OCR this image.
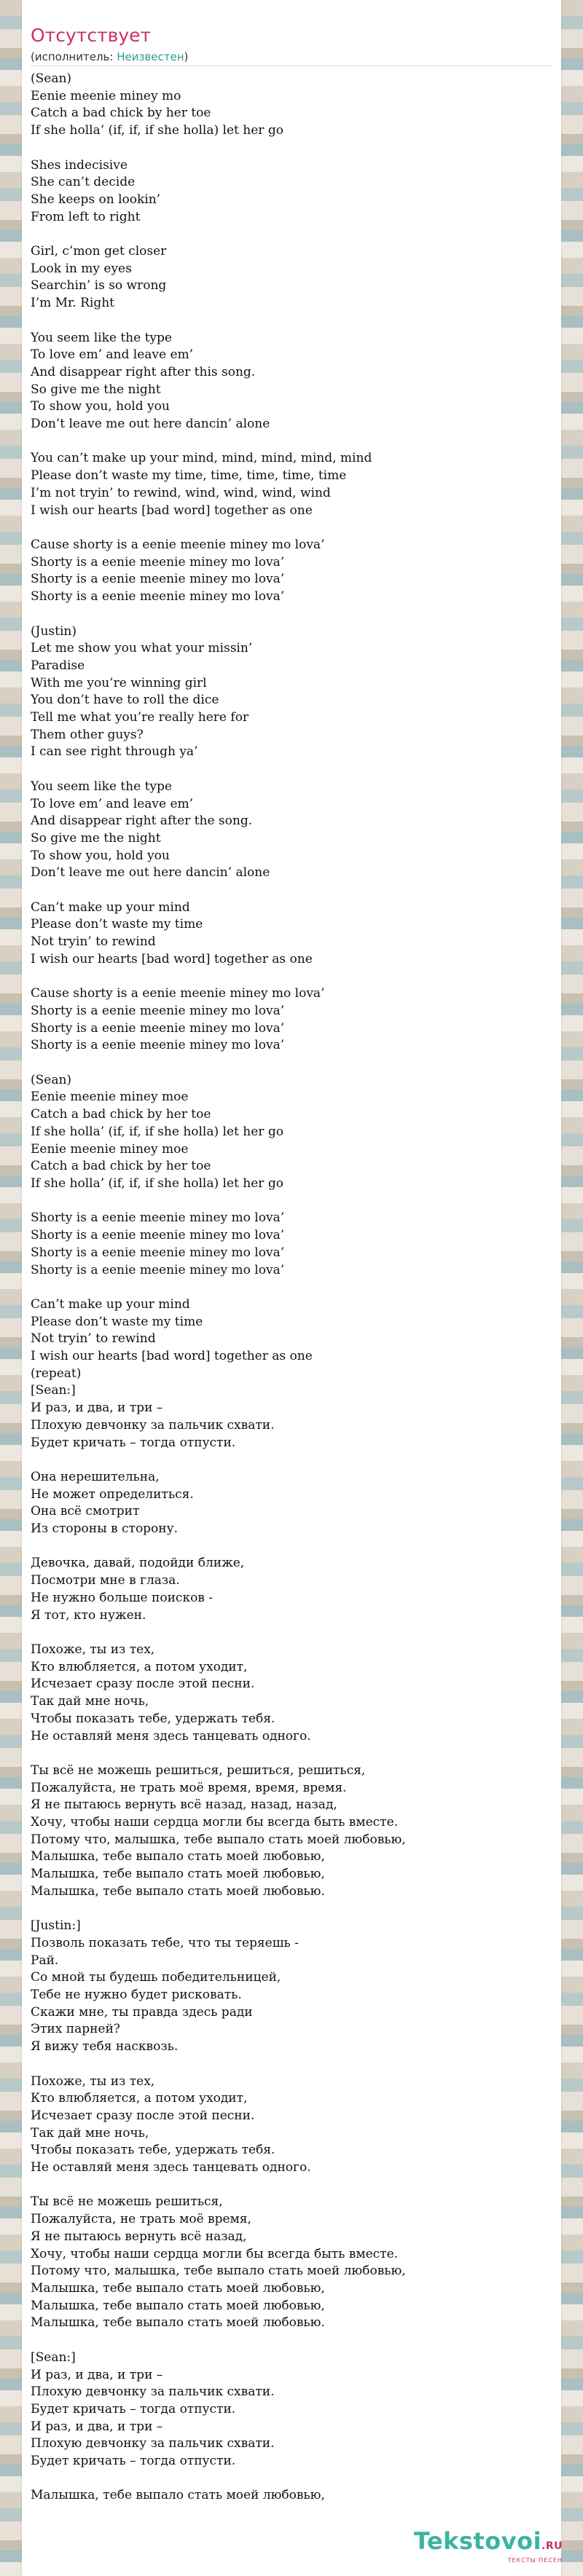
Отсутствует
(исполнитель: Неизвестен)
(Sean)
Eenie meenie miney mo
Catch a bad chick by her toe
If she holla’ (if, if, if she holla) let her go

Shes indecisive
She can’t decide
She keeps on lookin’
From left to right

Girl, c’mon get closer
Look in my eyes
Searchin’ is so wrong
I’m Mr. Right

You seem like the type
To love em’ and leave em’
And disappear right after this song.
So give me the night
To show you, hold you
Don’t leave me out here dancin’ alone

You can’t make up your mind, mind, mind, mind, mind
Please don’t waste my time, time, time, time, time
I’m not tryin’ to rewind, wind, wind, wind, wind
I wish our hearts [bad word] together as one

Cause shorty is a eenie meenie miney mo lova’
Shorty is a eenie meenie miney mo lova’
Shorty is a eenie meenie miney mo lova’
Shorty is a eenie meenie miney mo lova’

(Justin)
Let me show you what your missin’
Paradise
With me you’re winning girl
You don’t have to roll the dice
Tell me what you’re really here for
Them other guys?
I can see right through ya’

You seem like the type
To love em’ and leave em’
And disappear right after the song.
So give me the night
To show you, hold you
Don’t leave me out here dancin’ alone

Can’t make up your mind
Please don’t waste my time
Not tryin’ to rewind
I wish our hearts [bad word] together as one

Cause shorty is a eenie meenie miney mo lova’
Shorty is a eenie meenie miney mo lova’
Shorty is a eenie meenie miney mo lova’
Shorty is a eenie meenie miney mo lova’

(Sean)
Eenie meenie miney moe
Catch a bad chick by her toe
If she holla’ (if, if, if she holla) let her go
Eenie meenie miney moe
Catch a bad chick by her toe
If she holla’ (if, if, if she holla) let her go

Shorty is a eenie meenie miney mo lova’
Shorty is a eenie meenie miney mo lova’
Shorty is a eenie meenie miney mo lova’
Shorty is a eenie meenie miney mo lova’

Can’t make up your mind
Please don’t waste my time
Not tryin’ to rewind
I wish our hearts [bad word] together as one
(repeat)
[Sean:]
И раз, и два, и три –
Плохую девчонку за пальчик схвати.
Будет кричать – тогда отпусти.

Она нерешительна,
Не может определиться.
Она всё смотрит
Из стороны в сторону.

Девочка, давай, подойди ближе,
Посмотри мне в глаза.
Не нужно больше поисков -
Я тот, кто нужен.

Похоже, ты из тех,
Кто влюбляется, а потом уходит,
Исчезает сразу после этой песни.
Так дай мне ночь,
Чтобы показать тебе, удержать тебя.
Не оставляй меня здесь танцевать одного.

Ты всё не можешь решиться, решиться, решиться,
Пожалуйста, не трать моё время, время, время.
Я не пытаюсь вернуть всё назад, назад, назад,
Хочу, чтобы наши сердца могли бы всегда быть вместе.
Потому что, малышка, тебе выпало стать моей любовью,
Малышка, тебе выпало стать моей любовью,
Малышка, тебе выпало стать моей любовью,
Малышка, тебе выпало стать моей любовью.

[Justin:]
Позволь показать тебе, что ты теряешь -
Рай.
Со мной ты будешь победительницей,
Тебе не нужно будет рисковать.
Скажи мне, ты правда здесь ради
Этих парней?
Я вижу тебя насквозь.

Похоже, ты из тех,
Кто влюбляется, а потом уходит,
Исчезает сразу после этой песни.
Так дай мне ночь,
Чтобы показать тебе, удержать тебя.
Не оставляй меня здесь танцевать одного.

Ты всё не можешь решиться,
Пожалуйста, не трать моё время,
Я не пытаюсь вернуть всё назад,
Хочу, чтобы наши сердца могли бы всегда быть вместе.
Потому что, малышка, тебе выпало стать моей любовью,
Малышка, тебе выпало стать моей любовью,
Малышка, тебе выпало стать моей любовью,
Малышка, тебе выпало стать моей любовью.

[Sean:]
И раз, и два, и три –
Плохую девчонку за пальчик схвати.
Будет кричать – тогда отпусти.
И раз, и два, и три –
Плохую девчонку за пальчик схвати.
Будет кричать – тогда отпусти.

Малышка, тебе выпало стать моей любовью,
Tekstovoi.RU
ТЕКСТЫ ПЕСЕН
